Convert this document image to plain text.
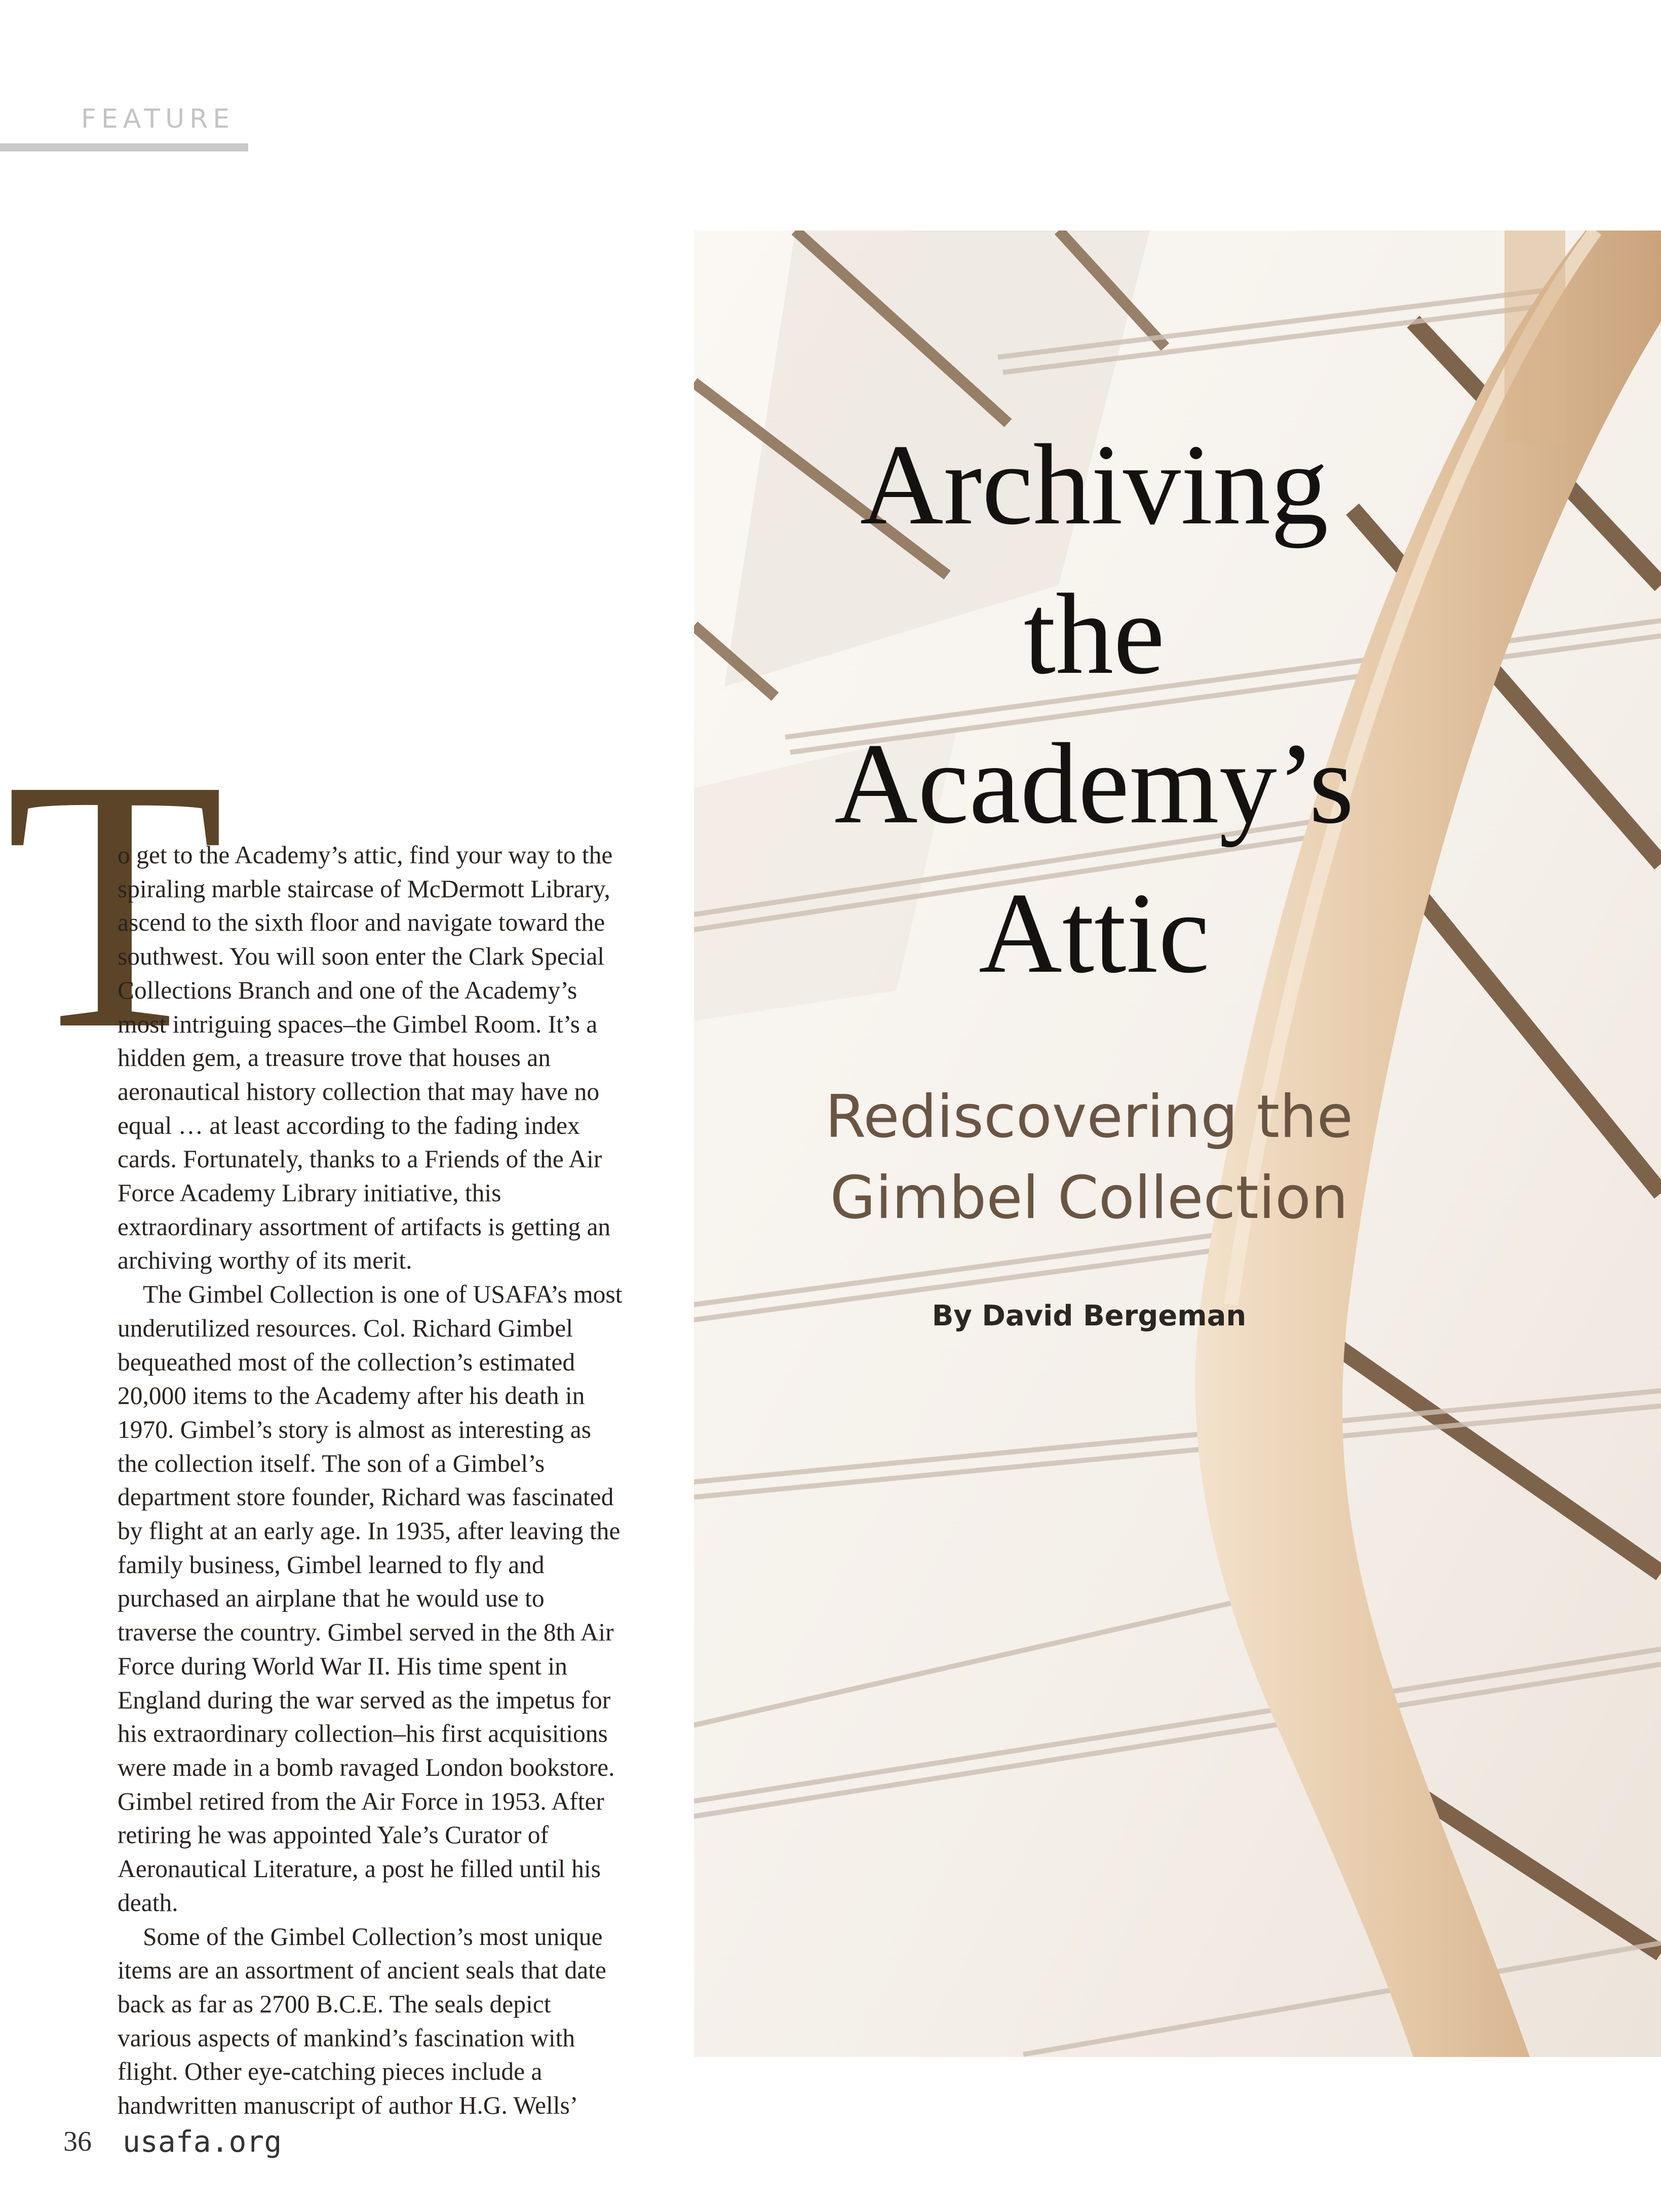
FEATURE
Archiving
the
Academy’s
Attic
Rediscovering the
Gimbel Collection
By David Bergeman
T

o get to the Academy’s attic, find your way to the spiraling marble staircase of McDermott Library, ascend to the sixth floor and navigate toward the southwest. You will soon enter the Clark Special Collections Branch and one of the Academy’s most intriguing spaces–the Gimbel Room. It’s a hidden gem, a treasure trove that houses an aeronautical history collection that may have no equal … at least according to the fading index cards. Fortunately, thanks to a Friends of the Air Force Academy Library initiative, this extraordinary assortment of artifacts is getting an archiving worthy of its merit.

The Gimbel Collection is one of USAFA’s most underutilized resources. Col. Richard Gimbel bequeathed most of the collection’s estimated 20,000 items to the Academy after his death in 1970. Gimbel’s story is almost as interesting as the collection itself. The son of a Gimbel’s department store founder, Richard was fascinated by flight at an early age. In 1935, after leaving the family business, Gimbel learned to fly and purchased an airplane that he would use to traverse the country. Gimbel served in the 8th Air Force during World War II. His time spent in England during the war served as the impetus for his extraordinary collection–his first acquisitions were made in a bomb ravaged London bookstore. Gimbel retired from the Air Force in 1953. After retiring he was appointed Yale’s Curator of Aeronautical Literature, a post he filled until his death.

Some of the Gimbel Collection’s most unique items are an assortment of ancient seals that date back as far as 2700 B.C.E. The seals depict various aspects of mankind’s fascination with flight. Other eye-catching pieces include a handwritten manuscript of author H.G. Wells’

36 usafa.org
